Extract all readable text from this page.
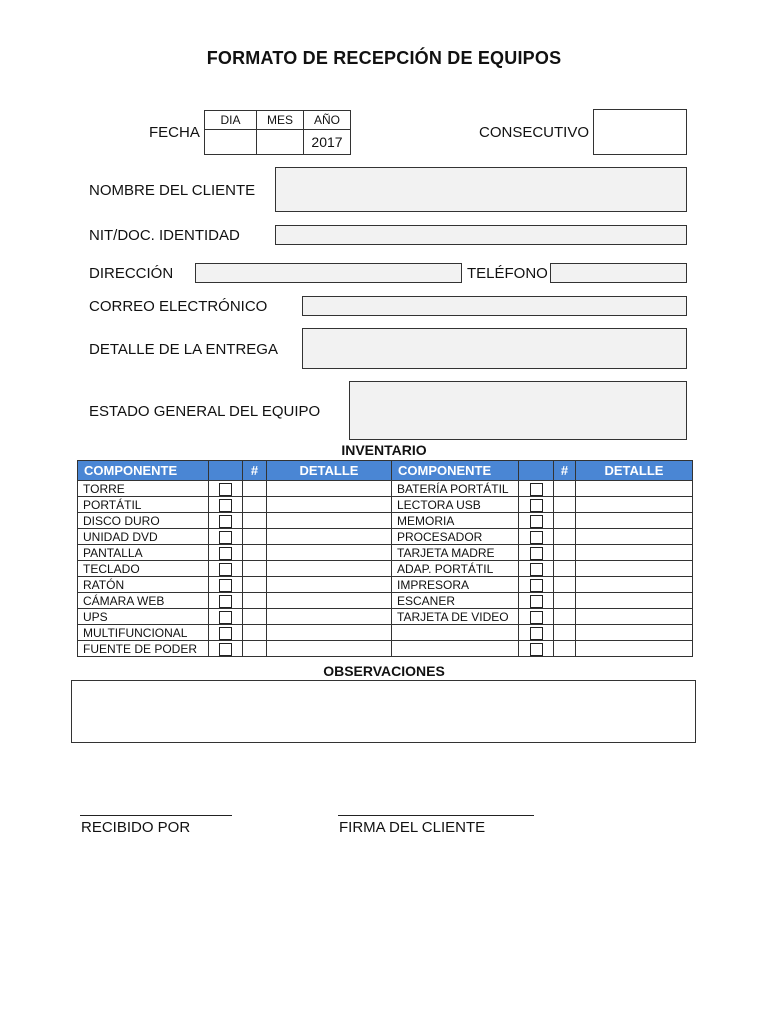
FORMATO DE RECEPCIÓN DE EQUIPOS
FECHA
DIA	MES	AÑO
		2017
CONSECUTIVO
NOMBRE DEL CLIENTE
NIT/DOC. IDENTIDAD
DIRECCIÓN	TELÉFONO
CORREO ELECTRÓNICO
DETALLE DE LA ENTREGA
ESTADO GENERAL DEL EQUIPO
INVENTARIO
COMPONENTE		#	DETALLE	COMPONENTE		#	DETALLE
TORRE				BATERÍA PORTÁTIL			
PORTÁTIL				LECTORA USB			
DISCO DURO				MEMORIA			
UNIDAD DVD				PROCESADOR			
PANTALLA				TARJETA MADRE			
TECLADO				ADAP. PORTÁTIL			
RATÓN				IMPRESORA			
CÁMARA WEB				ESCANER			
UPS				TARJETA DE VIDEO			
MULTIFUNCIONAL							
FUENTE DE PODER							
OBSERVACIONES
RECIBIDO POR	FIRMA DEL CLIENTE
